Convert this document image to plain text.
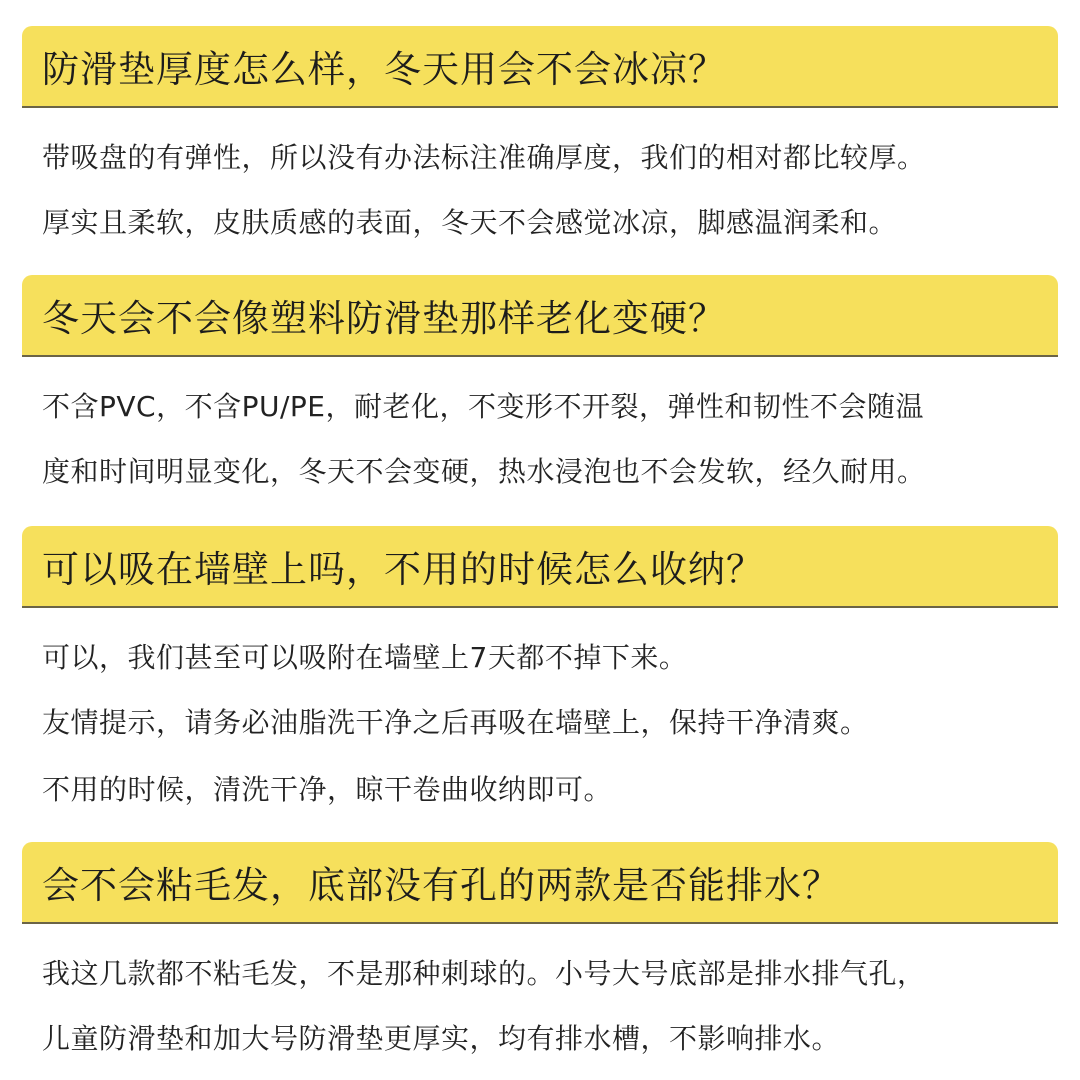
防滑垫厚度怎么样，冬天用会不会冰凉？
带吸盘的有弹性，所以没有办法标注准确厚度，我们的相对都比较厚。
厚实且柔软，皮肤质感的表面，冬天不会感觉冰凉，脚感温润柔和。
冬天会不会像塑料防滑垫那样老化变硬？
不含PVC，不含PU/PE，耐老化，不变形不开裂，弹性和韧性不会随温
度和时间明显变化，冬天不会变硬，热水浸泡也不会发软，经久耐用。
可以吸在墙壁上吗，不用的时候怎么收纳？
可以，我们甚至可以吸附在墙壁上7天都不掉下来。
友情提示，请务必油脂洗干净之后再吸在墙壁上，保持干净清爽。
不用的时候，清洗干净，晾干卷曲收纳即可。
会不会粘毛发，底部没有孔的两款是否能排水？
我这几款都不粘毛发，不是那种刺球的。小号大号底部是排水排气孔，
儿童防滑垫和加大号防滑垫更厚实，均有排水槽，不影响排水。
